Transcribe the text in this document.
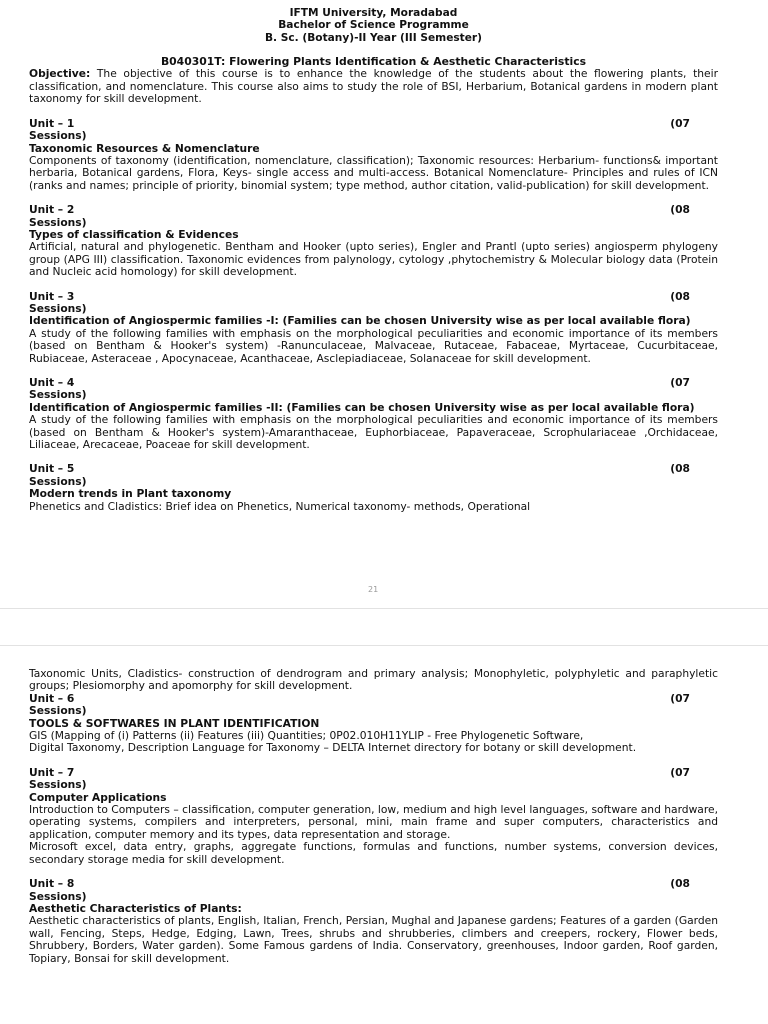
IFTM University, Moradabad
Bachelor of Science Programme
B. Sc. (Botany)-II Year (III Semester)
B040301T: Flowering Plants Identification & Aesthetic Characteristics

Objective: The objective of this course is to enhance the knowledge of the students about the flowering plants, their classification, and nomenclature. This course also aims to study the role of BSI, Herbarium, Botanical gardens in modern plant taxonomy for skill development.

Unit – 1	(07
Sessions)
Taxonomic Resources & Nomenclature

Components of taxonomy (identification, nomenclature, classification); Taxonomic resources: Herbarium- functions& important herbaria, Botanical gardens, Flora, Keys- single access and multi-access. Botanical Nomenclature- Principles and rules of ICN (ranks and names; principle of priority, binomial system; type method, author citation, valid-publication) for skill development.

Unit – 2	(08
Sessions)
Types of classification & Evidences

Artificial, natural and phylogenetic. Bentham and Hooker (upto series), Engler and Prantl (upto series) angiosperm phylogeny group (APG III) classification. Taxonomic evidences from palynology, cytology ,phytochemistry & Molecular biology data (Protein and Nucleic acid homology) for skill development.

Unit – 3	(08
Sessions)
Identification of Angiospermic families -I: (Families can be chosen University wise as per local available flora)

A study of the following families with emphasis on the morphological peculiarities and economic importance of its members (based on Bentham & Hooker's system) -Ranunculaceae, Malvaceae, Rutaceae, Fabaceae, Myrtaceae, Cucurbitaceae, Rubiaceae, Asteraceae , Apocynaceae, Acanthaceae, Asclepiadiaceae, Solanaceae for skill development.

Unit – 4	(07
Sessions)
Identification of Angiospermic families -II: (Families can be chosen University wise as per local available flora)

A study of the following families with emphasis on the morphological peculiarities and economic importance of its members (based on Bentham & Hooker's system)-Amaranthaceae, Euphorbiaceae, Papaveraceae, Scrophulariaceae ,Orchidaceae, Liliaceae, Arecaceae, Poaceae for skill development.

Unit – 5	(08
Sessions)
Modern trends in Plant taxonomy

Phenetics and Cladistics: Brief idea on Phenetics, Numerical taxonomy- methods, Operational

21

Taxonomic Units, Cladistics- construction of dendrogram and primary analysis; Monophyletic, polyphyletic and paraphyletic groups; Plesiomorphy and apomorphy for skill development.

Unit – 6	(07
Sessions)
TOOLS & SOFTWARES IN PLANT IDENTIFICATION

GIS (Mapping of (i) Patterns (ii) Features (iii) Quantities; 0P02.010H11YLIP - Free Phylogenetic Software,

Digital Taxonomy, Description Language for Taxonomy – DELTA Internet directory for botany or skill development.

Unit – 7	(07
Sessions)
Computer Applications

Introduction to Computers – classification, computer generation, low, medium and high level languages, software and hardware, operating systems, compilers and interpreters, personal, mini, main frame and super computers, characteristics and application, computer memory and its types, data representation and storage.

Microsoft excel, data entry, graphs, aggregate functions, formulas and functions, number systems, conversion devices, secondary storage media for skill development.

Unit – 8	(08
Sessions)
Aesthetic Characteristics of Plants:

Aesthetic characteristics of plants, English, Italian, French, Persian, Mughal and Japanese gardens; Features of a garden (Garden wall, Fencing, Steps, Hedge, Edging, Lawn, Trees, shrubs and shrubberies, climbers and creepers, rockery, Flower beds, Shrubbery, Borders, Water garden). Some Famous gardens of India. Conservatory, greenhouses, Indoor garden, Roof garden, Topiary, Bonsai for skill development.
